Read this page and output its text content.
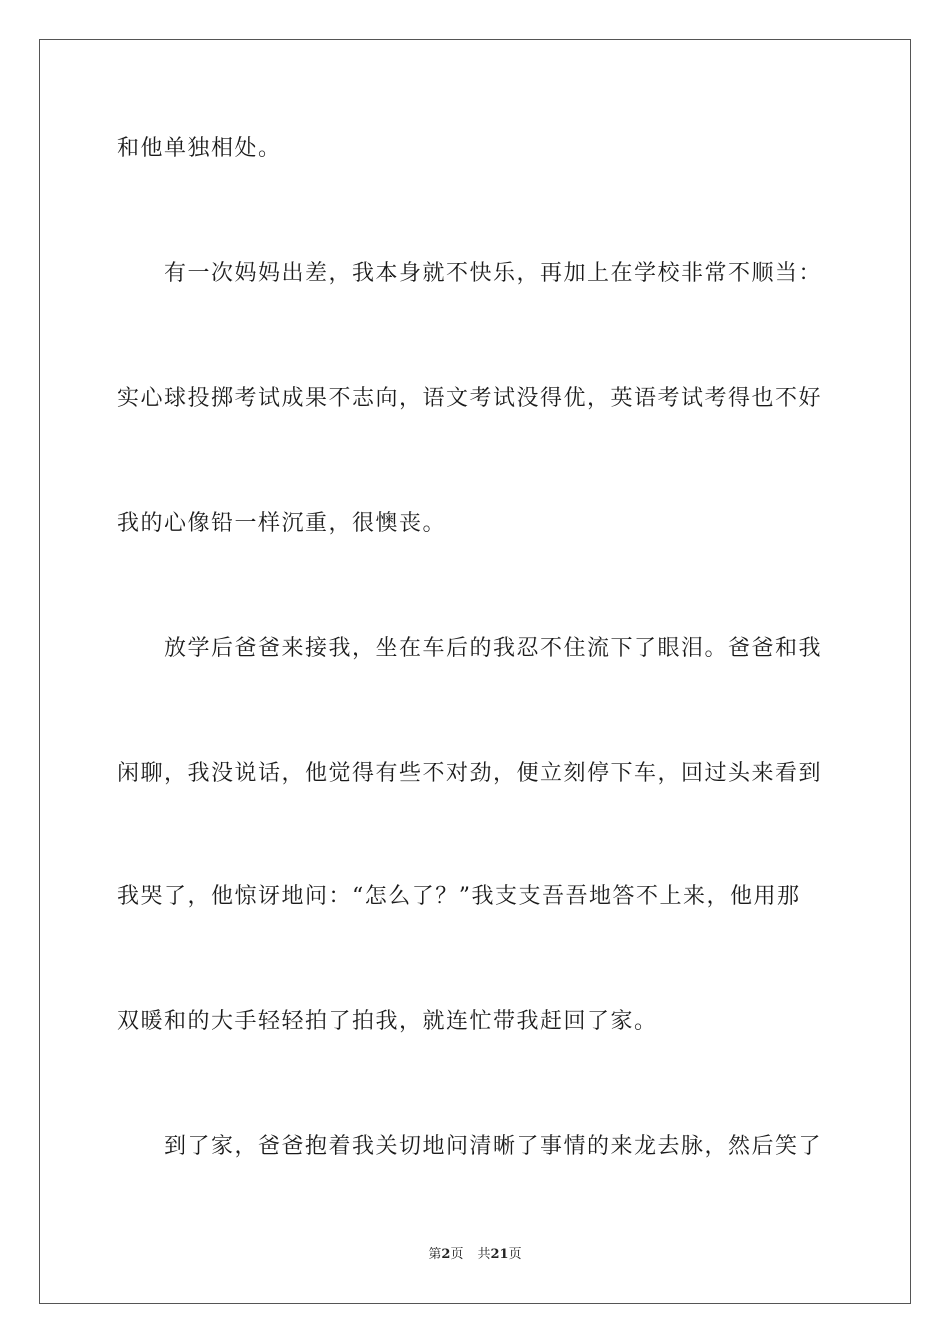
和他单独相处。
有一次妈妈出差，我本身就不快乐，再加上在学校非常不顺当：
实心球投掷考试成果不志向，语文考试没得优，英语考试考得也不好
我的心像铅一样沉重，很懊丧。
放学后爸爸来接我，坐在车后的我忍不住流下了眼泪。爸爸和我
闲聊，我没说话，他觉得有些不对劲，便立刻停下车，回过头来看到
我哭了，他惊讶地问：“怎么了？”我支支吾吾地答不上来，他用那
双暖和的大手轻轻拍了拍我，就连忙带我赶回了家。
到了家，爸爸抱着我关切地问清晰了事情的来龙去脉，然后笑了
第2页 共21页
